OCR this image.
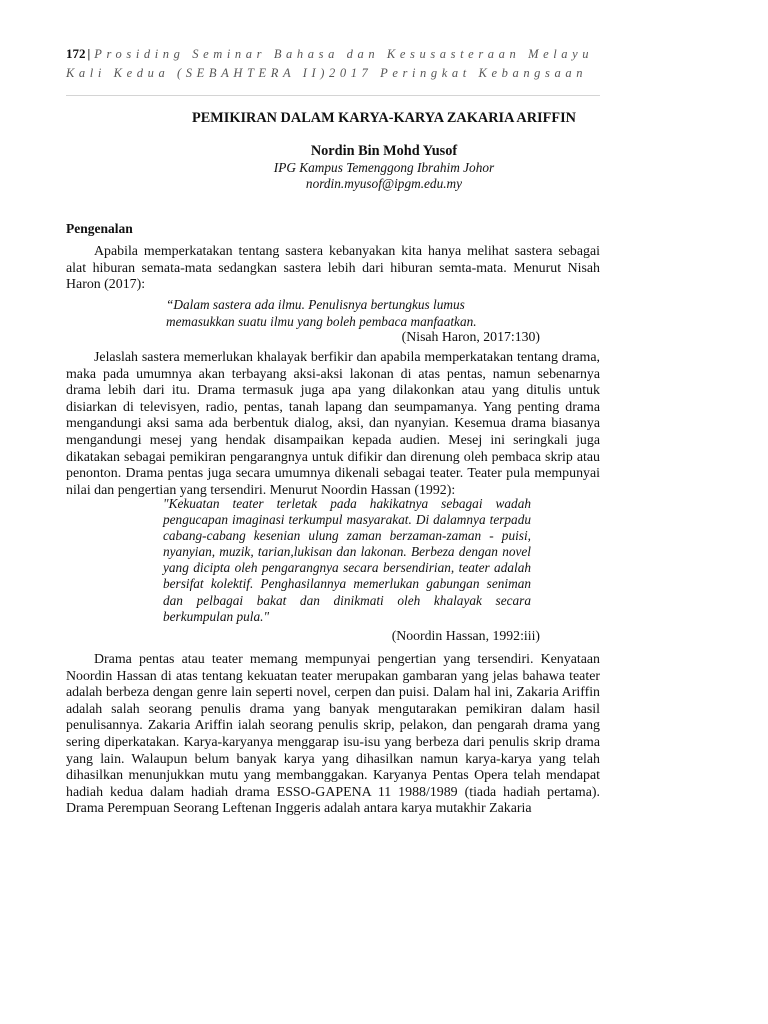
172 | Prosiding Seminar Bahasa dan Kesusasteraan Melayu
Kali Kedua (SEBAHTERA II)2017 Peringkat Kebangsaan
PEMIKIRAN DALAM KARYA-KARYA ZAKARIA ARIFFIN
Nordin Bin Mohd Yusof
IPG Kampus Temenggong Ibrahim Johor
nordin.myusof@ipgm.edu.my
Pengenalan

Apabila memperkatakan tentang sastera kebanyakan kita hanya melihat sastera sebagai alat hiburan semata-mata sedangkan sastera lebih dari hiburan semta-mata. Menurut Nisah Haron (2017):

“Dalam sastera ada ilmu. Penulisnya bertungkus lumus

memasukkan suatu ilmu yang boleh pembaca manfaatkan.

(Nisah Haron, 2017:130)

Jelaslah sastera memerlukan khalayak berfikir dan apabila memperkatakan tentang drama, maka pada umumnya akan terbayang aksi-aksi lakonan di atas pentas, namun sebenarnya drama lebih dari itu. Drama termasuk juga apa yang dilakonkan atau yang ditulis untuk disiarkan di televisyen, radio, pentas, tanah lapang dan seumpamanya. Yang penting drama mengandungi aksi sama ada berbentuk dialog, aksi, dan nyanyian. Kesemua drama biasanya mengandungi mesej yang hendak disampaikan kepada audien. Mesej ini seringkali juga dikatakan sebagai pemikiran pengarangnya untuk difikir dan direnung oleh pembaca skrip atau penonton. Drama pentas juga secara umumnya dikenali sebagai teater. Teater pula mempunyai nilai dan pengertian yang tersendiri. Menurut Noordin Hassan (1992):

"Kekuatan teater terletak pada hakikatnya sebagai wadah pengucapan imaginasi terkumpul masyarakat. Di dalamnya terpadu cabang-cabang kesenian ulung zaman berzaman-zaman - puisi, nyanyian, muzik, tarian,lukisan dan lakonan. Berbeza dengan novel yang dicipta oleh pengarangnya secara bersendirian, teater adalah bersifat kolektif. Penghasilannya memerlukan gabungan seniman dan pelbagai bakat dan dinikmati oleh khalayak secara berkumpulan pula."

(Noordin Hassan, 1992:iii)

Drama pentas atau teater memang mempunyai pengertian yang tersendiri. Kenyataan Noordin Hassan di atas tentang kekuatan teater merupakan gambaran yang jelas bahawa teater adalah berbeza dengan genre lain seperti novel, cerpen dan puisi. Dalam hal ini, Zakaria Ariffin adalah salah seorang penulis drama yang banyak mengutarakan pemikiran dalam hasil penulisannya. Zakaria Ariffin ialah seorang penulis skrip, pelakon, dan pengarah drama yang sering diperkatakan. Karya-karyanya menggarap isu-isu yang berbeza dari penulis skrip drama yang lain. Walaupun belum banyak karya yang dihasilkan namun karya-karya yang telah dihasilkan menunjukkan mutu yang membanggakan. Karyanya Pentas Opera telah mendapat hadiah kedua dalam hadiah drama ESSO-GAPENA 11 1988/1989 (tiada hadiah pertama). Drama Perempuan Seorang Leftenan Inggeris adalah antara karya mutakhir Zakaria
